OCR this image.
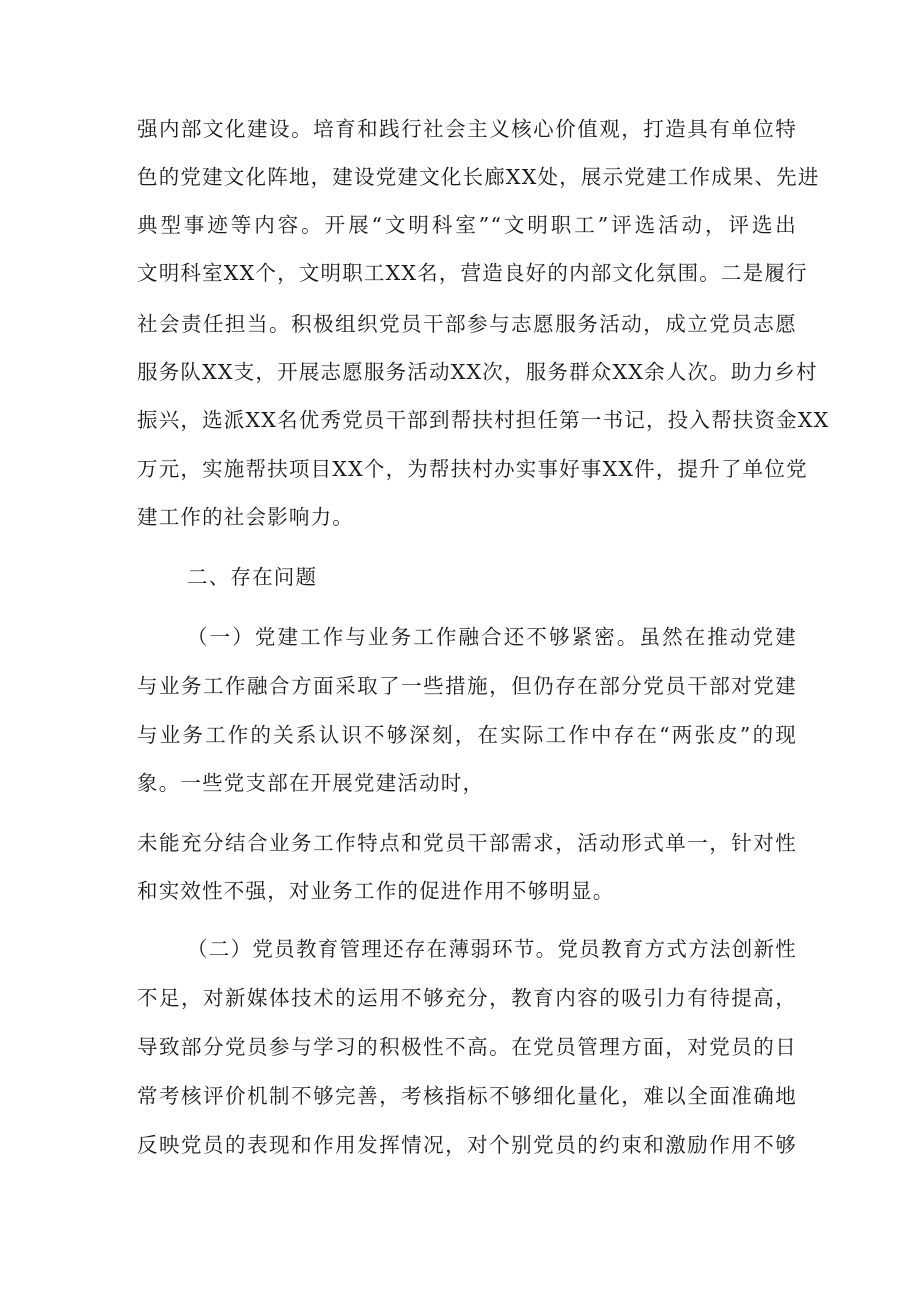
强内部文化建设。培育和践行社会主义核心价值观，打造具有单位特
色的党建文化阵地，建设党建文化长廊XX处，展示党建工作成果、先进
典型事迹等内容。开展“文明科室”“文明职工”评选活动，评选出
文明科室XX个，文明职工XX名，营造良好的内部文化氛围。二是履行
社会责任担当。积极组织党员干部参与志愿服务活动，成立党员志愿
服务队XX支，开展志愿服务活动XX次，服务群众XX余人次。助力乡村
振兴，选派XX名优秀党员干部到帮扶村担任第一书记，投入帮扶资金XX
万元，实施帮扶项目XX个，为帮扶村办实事好事XX件，提升了单位党
建工作的社会影响力。
二、存在问题
（一）党建工作与业务工作融合还不够紧密。虽然在推动党建
与业务工作融合方面采取了一些措施，但仍存在部分党员干部对党建
与业务工作的关系认识不够深刻，在实际工作中存在“两张皮”的现
象。一些党支部在开展党建活动时，
未能充分结合业务工作特点和党员干部需求，活动形式单一，针对性
和实效性不强，对业务工作的促进作用不够明显。
（二）党员教育管理还存在薄弱环节。党员教育方式方法创新性
不足，对新媒体技术的运用不够充分，教育内容的吸引力有待提高，
导致部分党员参与学习的积极性不高。在党员管理方面，对党员的日
常考核评价机制不够完善，考核指标不够细化量化，难以全面准确地
反映党员的表现和作用发挥情况，对个别党员的约束和激励作用不够
